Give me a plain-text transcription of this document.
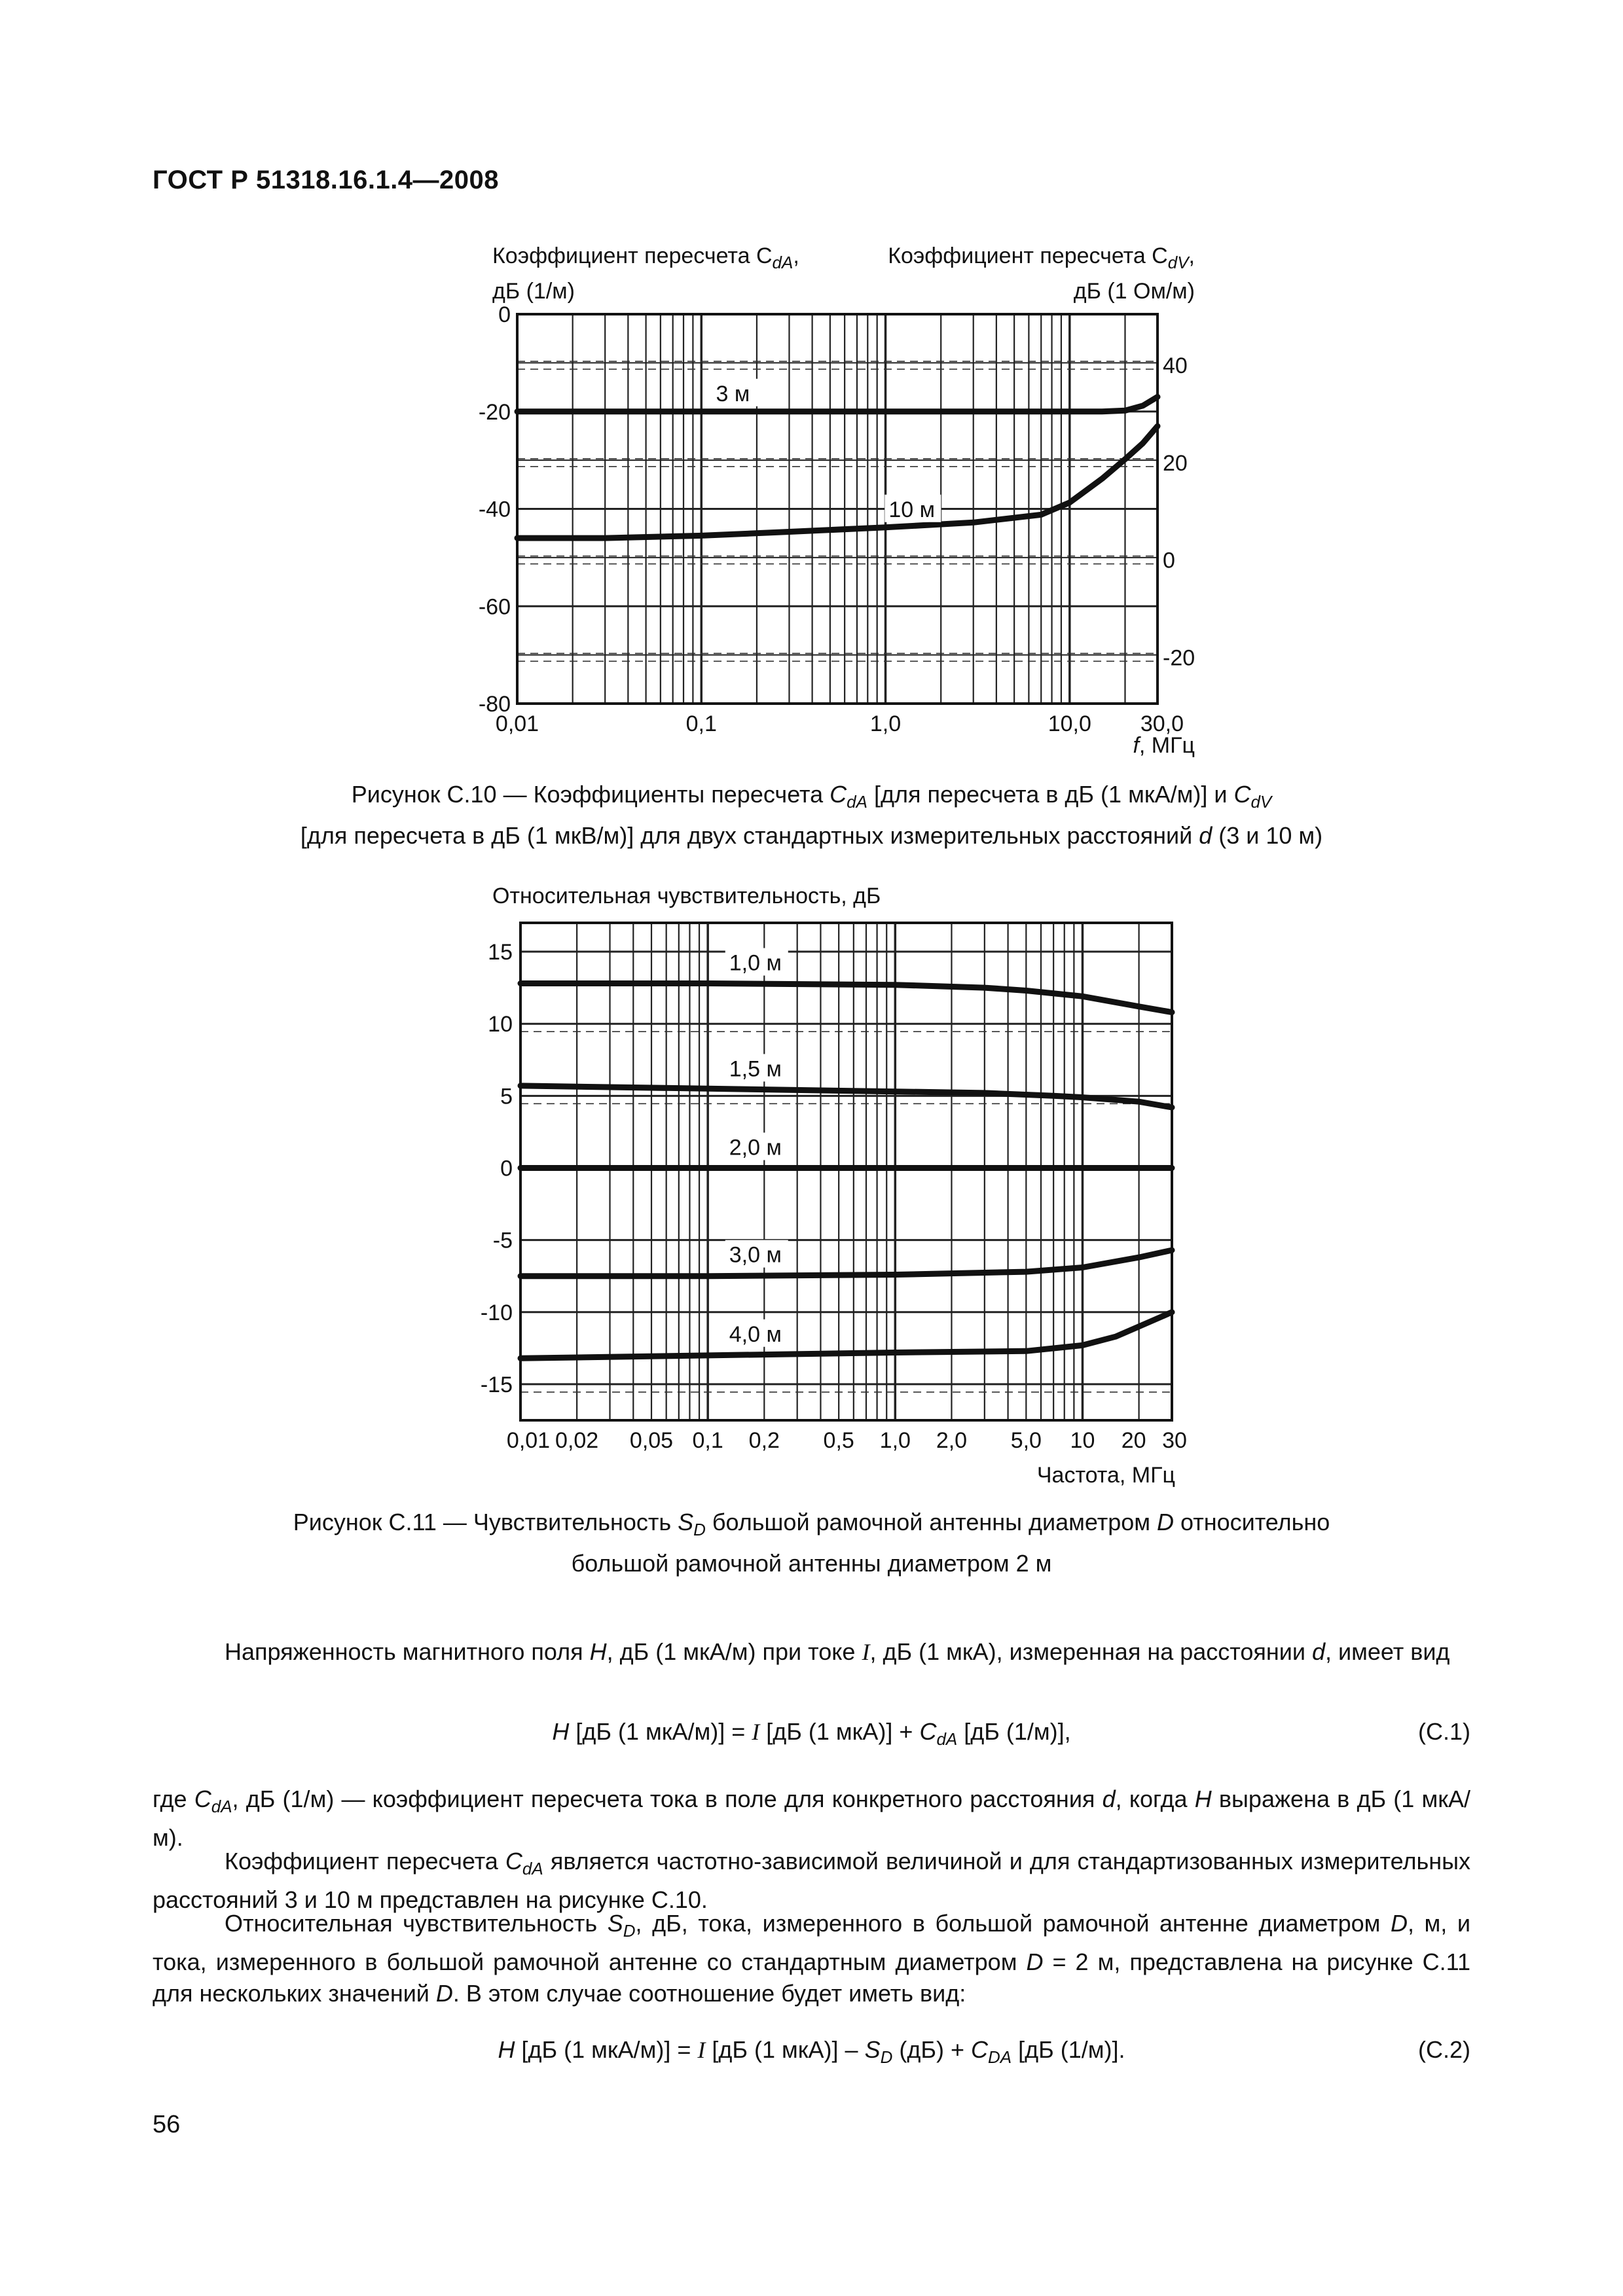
ГОСТ Р 51318.16.1.4—2008
Коэффициент пересчета $C_{dA}$,
дБ (1/м)
Коэффициент пересчета $C_{dV}$,
дБ (1 Ом/м)
3 м
10 м
0
-20
-40
-60
-80
40
20
0
-20
0,01	0,1	1,0	10,0 30,0
f, МГц
Рисунок С.10 — Коэффициенты пересчета $C_{dA}$ [для пересчета в дБ (1 мкА/м)] и $C_{dV}$
[для пересчета в дБ (1 мкВ/м)] для двух стандартных измерительных расстояний d (3 и 10 м)
Относительная чувствительность, дБ
1,0 м
1,5 м
2,0 м
3,0 м
4,0 м
15
10
5
0
-5
-10
-15
0,01 0,02 0,05 0,1 0,2 0,5 1,0 2,0 5,0 10 20 30
Частота, МГц
Рисунок С.11 — Чувствительность $S_D$ большой рамочной антенны диаметром D относительно
большой рамочной антенны диаметром 2 м
Напряженность магнитного поля H, дБ (1 мкА/м) при токе I, дБ (1 мкА), измеренная на расстоянии d, имеет вид
H [дБ (1 мкА/м)] = I [дБ (1 $мкА)] + C_{dA}$ [дБ (1/м)],	(С.1)
где $C_{dA}$, дБ (1/м) — коэффициент пересчета тока в поле для конкретного расстояния d, когда H выражена в дБ (1 мкА/м).
Коэффициент пересчета $C_{dA}$ является частотно-зависимой величиной и для стандартизованных измерительных расстояний 3 и 10 м представлен на рисунке С.10.
Относительная чувствительность $S_D$, дБ, тока, измеренного в большой рамочной антенне диаметром D, м, и тока, измеренного в большой рамочной антенне со стандартным диаметром D = 2 м, представлена на рисунке С.11 для нескольких значений D. В этом случае соотношение будет иметь вид:
H [дБ (1 мкА/м)] = I [дБ (1 $мкА)] - S_D$ $(дБ) + C_{DA}$ [дБ (1/м)].	(С.2)
56
